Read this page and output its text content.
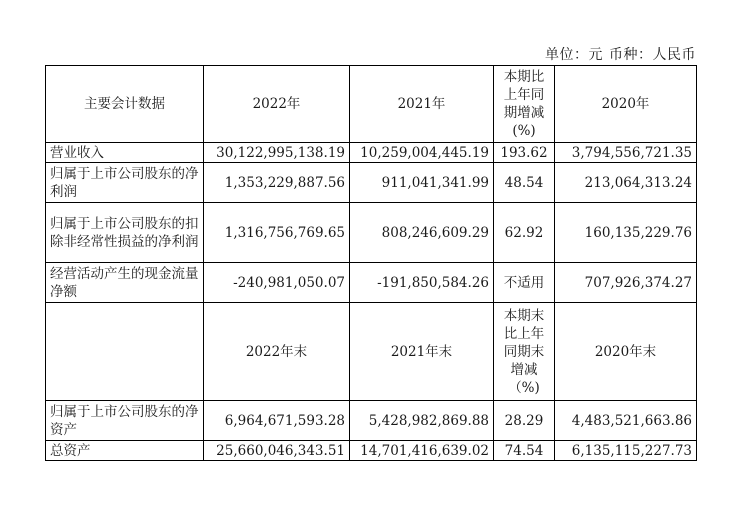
单位：元 币种：人民币
主要会计数据	2022年	2021年	本期比上年同期增减(%)	2020年
营业收入	30,122,995,138.19	10,259,004,445.19	193.62	3,794,556,721.35
归属于上市公司股东的净利润	1,353,229,887.56	911,041,341.99	48.54	213,064,313.24
归属于上市公司股东的扣除非经常性损益的净利润	1,316,756,769.65	808,246,609.29	62.92	160,135,229.76
经营活动产生的现金流量净额	-240,981,050.07	-191,850,584.26	不适用	707,926,374.27
	2022年末	2021年末	本期末比上年同期末增减（%)	2020年末
归属于上市公司股东的净资产	6,964,671,593.28	5,428,982,869.88	28.29	4,483,521,663.86
总资产	25,660,046,343.51	14,701,416,639.02	74.54	6,135,115,227.73
